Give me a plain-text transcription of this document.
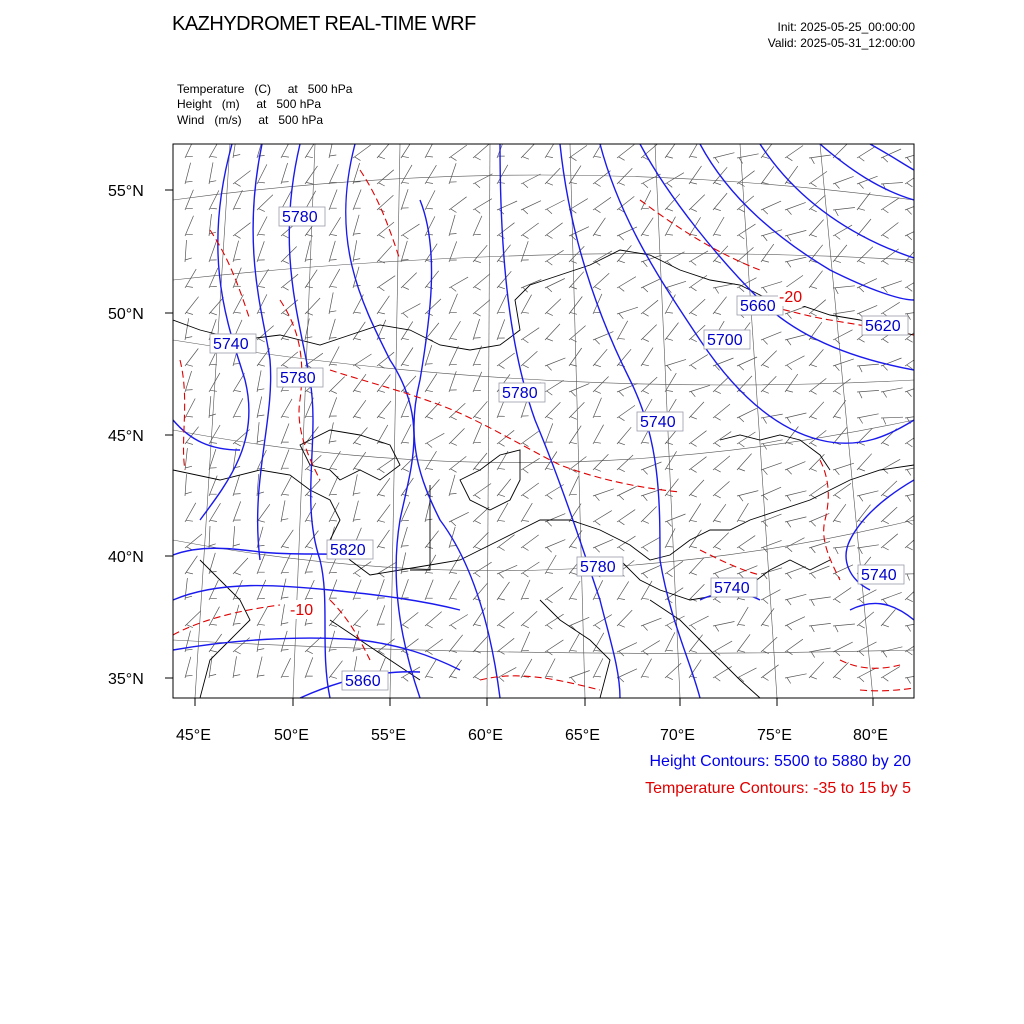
KAZHYDROMET REAL-TIME WRF	Init: 2025-05-25_00:00:00
Valid: 2025-05-31_12:00:00
Temperature   (C)     at   500 hPa
Height   (m)     at   500 hPa
Wind   (m/s)     at   500 hPa
55°N
50°N
45°N
40°N
35°N
45°E	50°E	55°E	60°E	65°E	70°E	75°E	80°E
5780
5740
5780
5780
5740
5700
5660
5620
5820
5780
5740
5740
5860
-20
-10
Height Contours: 5500 to 5880 by 20
Temperature Contours: -35 to 15 by 5
